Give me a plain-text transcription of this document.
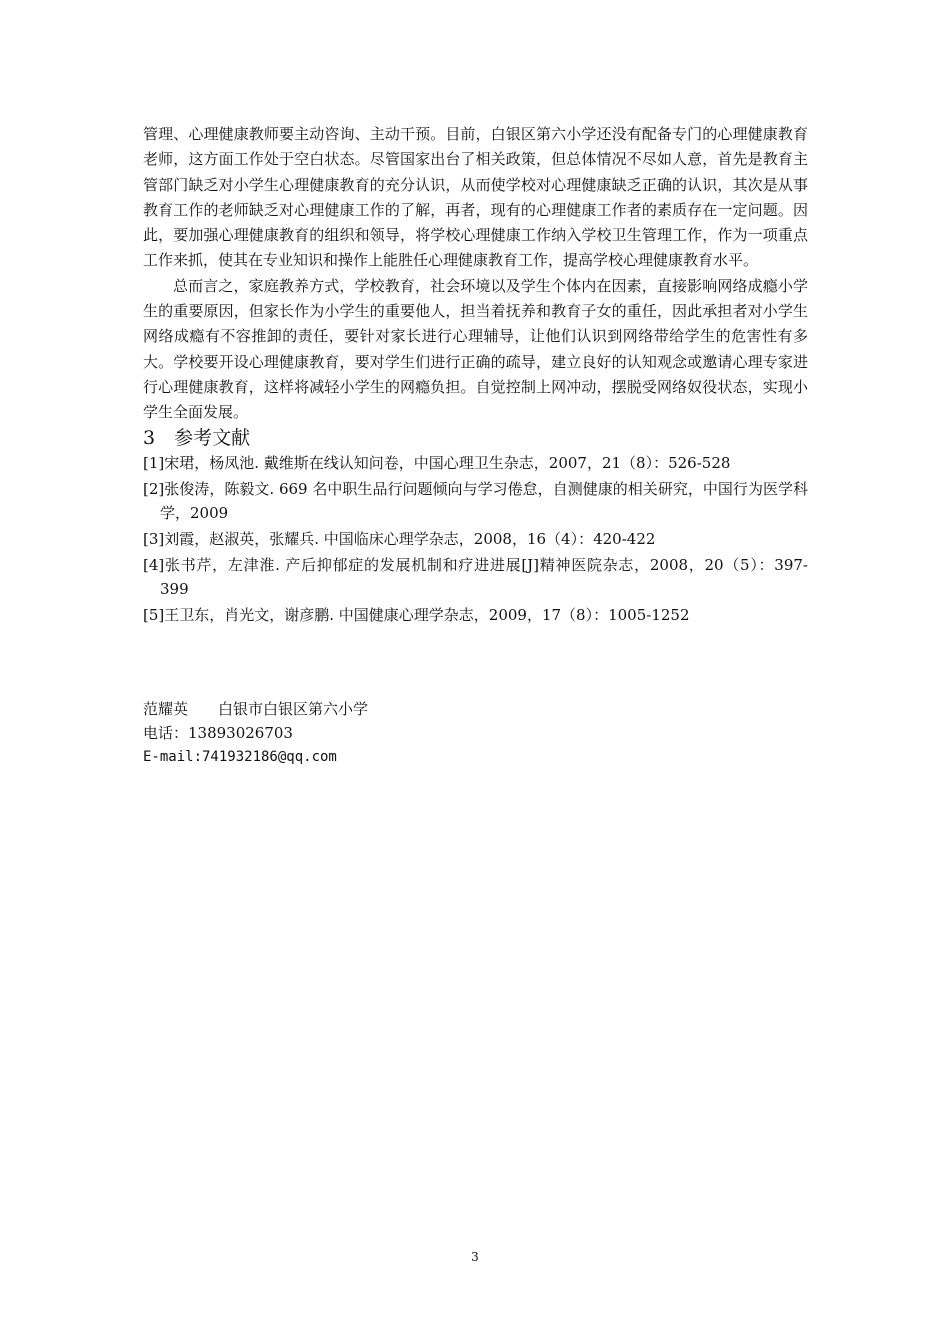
管理、心理健康教师要主动咨询、主动干预。目前，白银区第六小学还没有配备专门的心理健康教育老师，这方面工作处于空白状态。尽管国家出台了相关政策，但总体情况不尽如人意，首先是教育主管部门缺乏对小学生心理健康教育的充分认识，从而使学校对心理健康缺乏正确的认识，其次是从事教育工作的老师缺乏对心理健康工作的了解，再者，现有的心理健康工作者的素质存在一定问题。因此，要加强心理健康教育的组织和领导，将学校心理健康工作纳入学校卫生管理工作，作为一项重点工作来抓，使其在专业知识和操作上能胜任心理健康教育工作，提高学校心理健康教育水平。

总而言之，家庭教养方式，学校教育，社会环境以及学生个体内在因素，直接影响网络成瘾小学生的重要原因，但家长作为小学生的重要他人，担当着抚养和教育子女的重任，因此承担者对小学生网络成瘾有不容推卸的责任，要针对家长进行心理辅导，让他们认识到网络带给学生的危害性有多大。学校要开设心理健康教育，要对学生们进行正确的疏导，建立良好的认知观念或邀请心理专家进行心理健康教育，这样将减轻小学生的网瘾负担。自觉控制上网冲动，摆脱受网络奴役状态，实现小学生全面发展。

3　参考文献
[1]宋珺，杨凤池. 戴维斯在线认知问卷，中国心理卫生杂志，2007，21（8）：526-528
[2]张俊涛，陈毅文. 669 名中职生品行问题倾向与学习倦怠，自测健康的相关研究，中国行为医学科学，2009
[3]刘霞，赵淑英，张耀兵. 中国临床心理学杂志，2008，16（4）：420-422
[4]张书芹，左津淮. 产后抑郁症的发展机制和疗进进展[J]精神医院杂志，2008，20（5）：397-399
[5]王卫东，肖光文，谢彦鹏. 中国健康心理学杂志，2009，17（8）：1005-1252
范耀英　　白银市白银区第六小学
电话：13893026703
E-mail:741932186@qq.com
3
